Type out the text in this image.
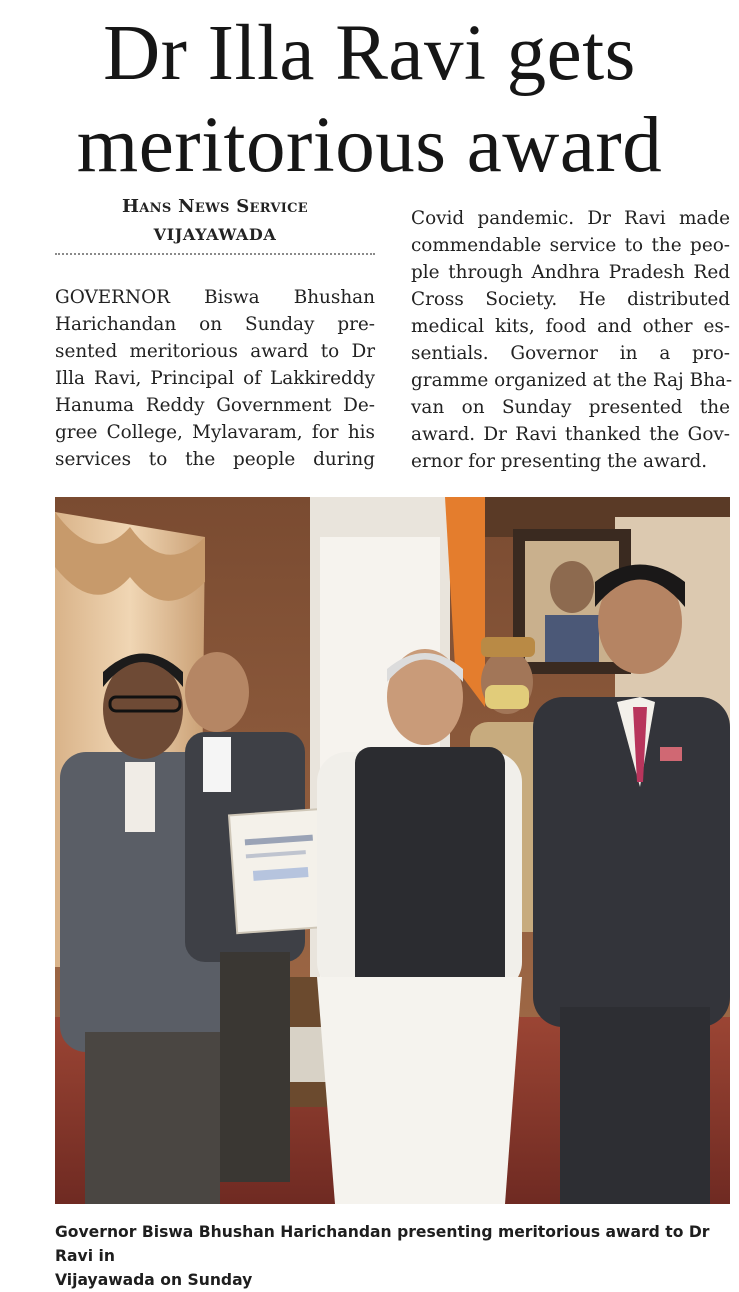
Dr Illa Ravi gets
meritorious award
Hans News Service
VIJAYAWADA

GOVERNOR Biswa Bhushan
Harichandan on Sunday pre-
sented meritorious award to Dr
Illa Ravi, Principal of Lakkireddy
Hanuma Reddy Government De-
gree College, Mylavaram, for his
services to the people during

Covid pandemic. Dr Ravi made
commendable service to the peo-
ple through Andhra Pradesh Red
Cross Society. He distributed
medical kits, food and other es-
sentials. Governor in a pro-
gramme organized at the Raj Bha-
van on Sunday presented the
award. Dr Ravi thanked the Gov-
ernor for presenting the award.

Governor Biswa Bhushan Harichandan presenting meritorious award to Dr Ravi in
Vijayawada on Sunday
